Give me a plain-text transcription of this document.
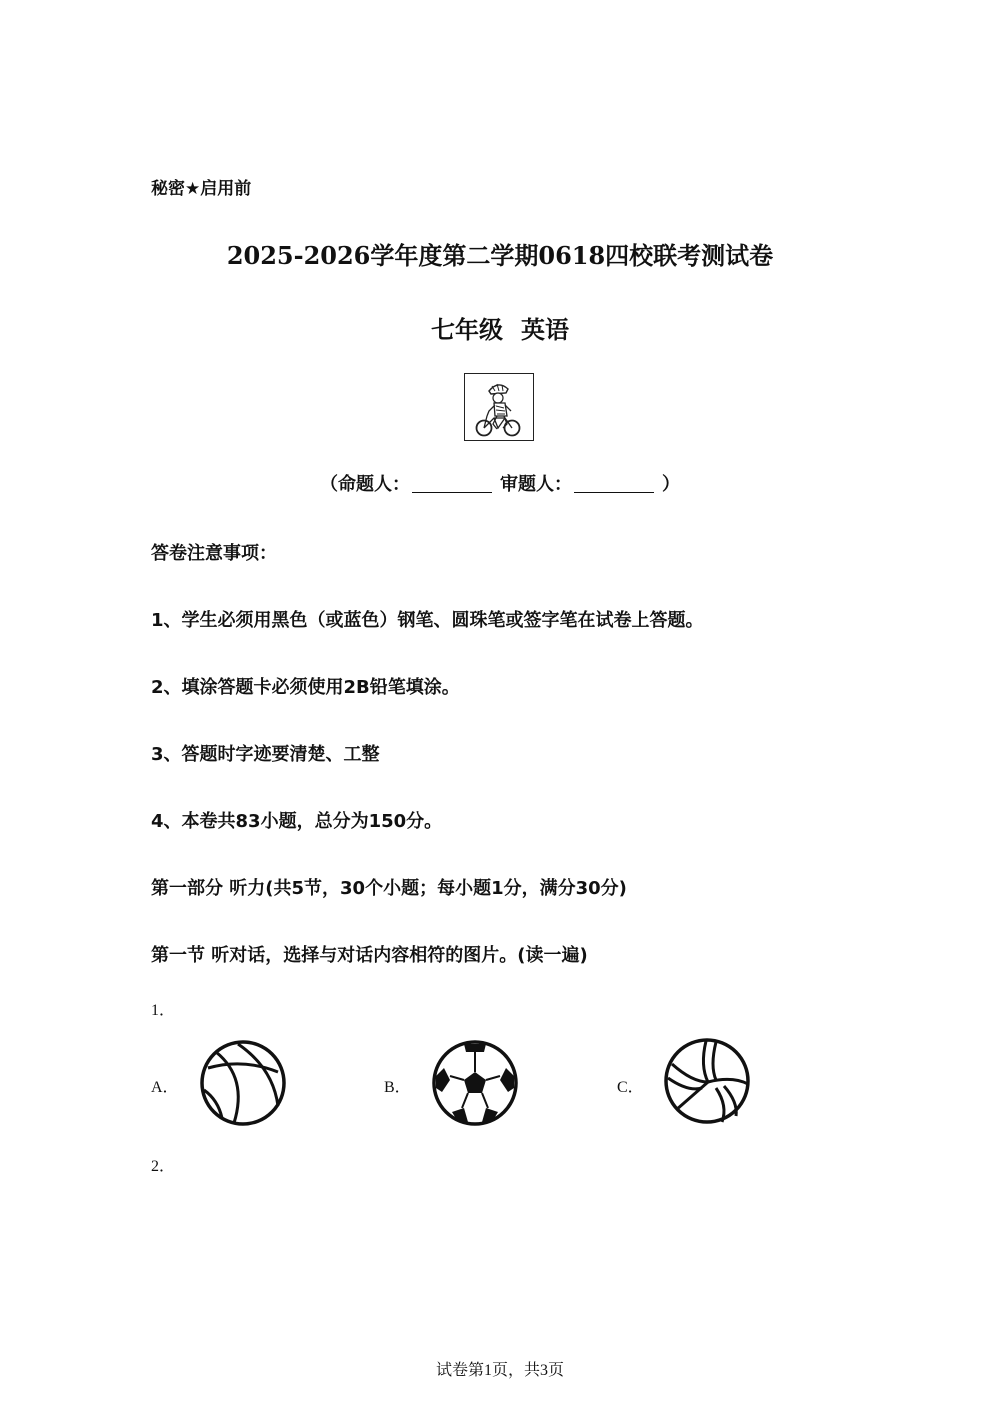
秘密★启用前
2025-2026学年度第二学期0618四校联考测试卷
七年级 英语
（命题人：	审题人：	）
答卷注意事项：
1、学生必须用黑色（或蓝色）钢笔、圆珠笔或签字笔在试卷上答题。
2、填涂答题卡必须使用2B铅笔填涂。
3、答题时字迹要清楚、工整
4、本卷共83小题，总分为150分。
第一部分 听力(共5节，30个小题；每小题1分，满分30分)
第一节 听对话，选择与对话内容相符的图片。(读一遍)
1．
A．	B．	C．
2．
试卷第1页，共3页
